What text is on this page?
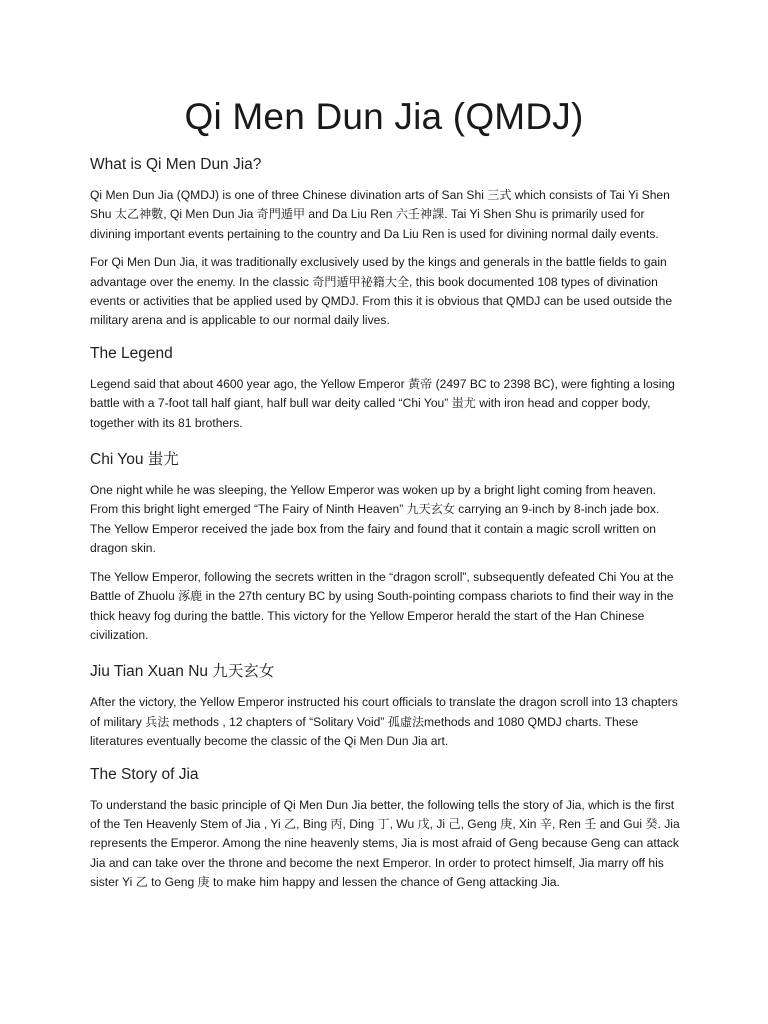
Qi Men Dun Jia (QMDJ)
What is Qi Men Dun Jia?

Qi Men Dun Jia (QMDJ) is one of three Chinese divination arts of San Shi 三式 which consists of Tai Yi Shen Shu 太乙神數, Qi Men Dun Jia 奇門遁甲 and Da Liu Ren 六壬神課. Tai Yi Shen Shu is primarily used for divining important events pertaining to the country and Da Liu Ren is used for divining normal daily events.

For Qi Men Dun Jia, it was traditionally exclusively used by the kings and generals in the battle fields to gain advantage over the enemy. In the classic 奇門遁甲祕籍大全, this book documented 108 types of divination events or activities that be applied used by QMDJ. From this it is obvious that QMDJ can be used outside the military arena and is applicable to our normal daily lives.

The Legend

Legend said that about 4600 year ago, the Yellow Emperor 黃帝 (2497 BC to 2398 BC), were fighting a losing battle with a 7-foot tall half giant, half bull war deity called “Chi You” 蚩尤 with iron head and copper body, together with its 81 brothers.

Chi You 蚩尤

One night while he was sleeping, the Yellow Emperor was woken up by a bright light coming from heaven. From this bright light emerged “The Fairy of Ninth Heaven” 九天玄女 carrying an 9-inch by 8-inch jade box. The Yellow Emperor received the jade box from the fairy and found that it contain a magic scroll written on dragon skin.

The Yellow Emperor, following the secrets written in the “dragon scroll”, subsequently defeated Chi You at the Battle of Zhuolu 涿鹿 in the 27th century BC by using South-pointing compass chariots to find their way in the thick heavy fog during the battle. This victory for the Yellow Emperor herald the start of the Han Chinese civilization.

Jiu Tian Xuan Nu 九天玄女

After the victory, the Yellow Emperor instructed his court officials to translate the dragon scroll into 13 chapters of military 兵法 methods , 12 chapters of “Solitary Void” 孤虛法methods and 1080 QMDJ charts. These literatures eventually become the classic of the Qi Men Dun Jia art.

The Story of Jia

To understand the basic principle of Qi Men Dun Jia better, the following tells the story of Jia, which is the first of the Ten Heavenly Stem of Jia , Yi 乙, Bing 丙, Ding 丁, Wu 戊, Ji 己, Geng 庚, Xin 辛, Ren 壬 and Gui 癸. Jia represents the Emperor. Among the nine heavenly stems, Jia is most afraid of Geng because Geng can attack Jia and can take over the throne and become the next Emperor. In order to protect himself, Jia marry off his sister Yi 乙 to Geng 庚 to make him happy and lessen the chance of Geng attacking Jia.
